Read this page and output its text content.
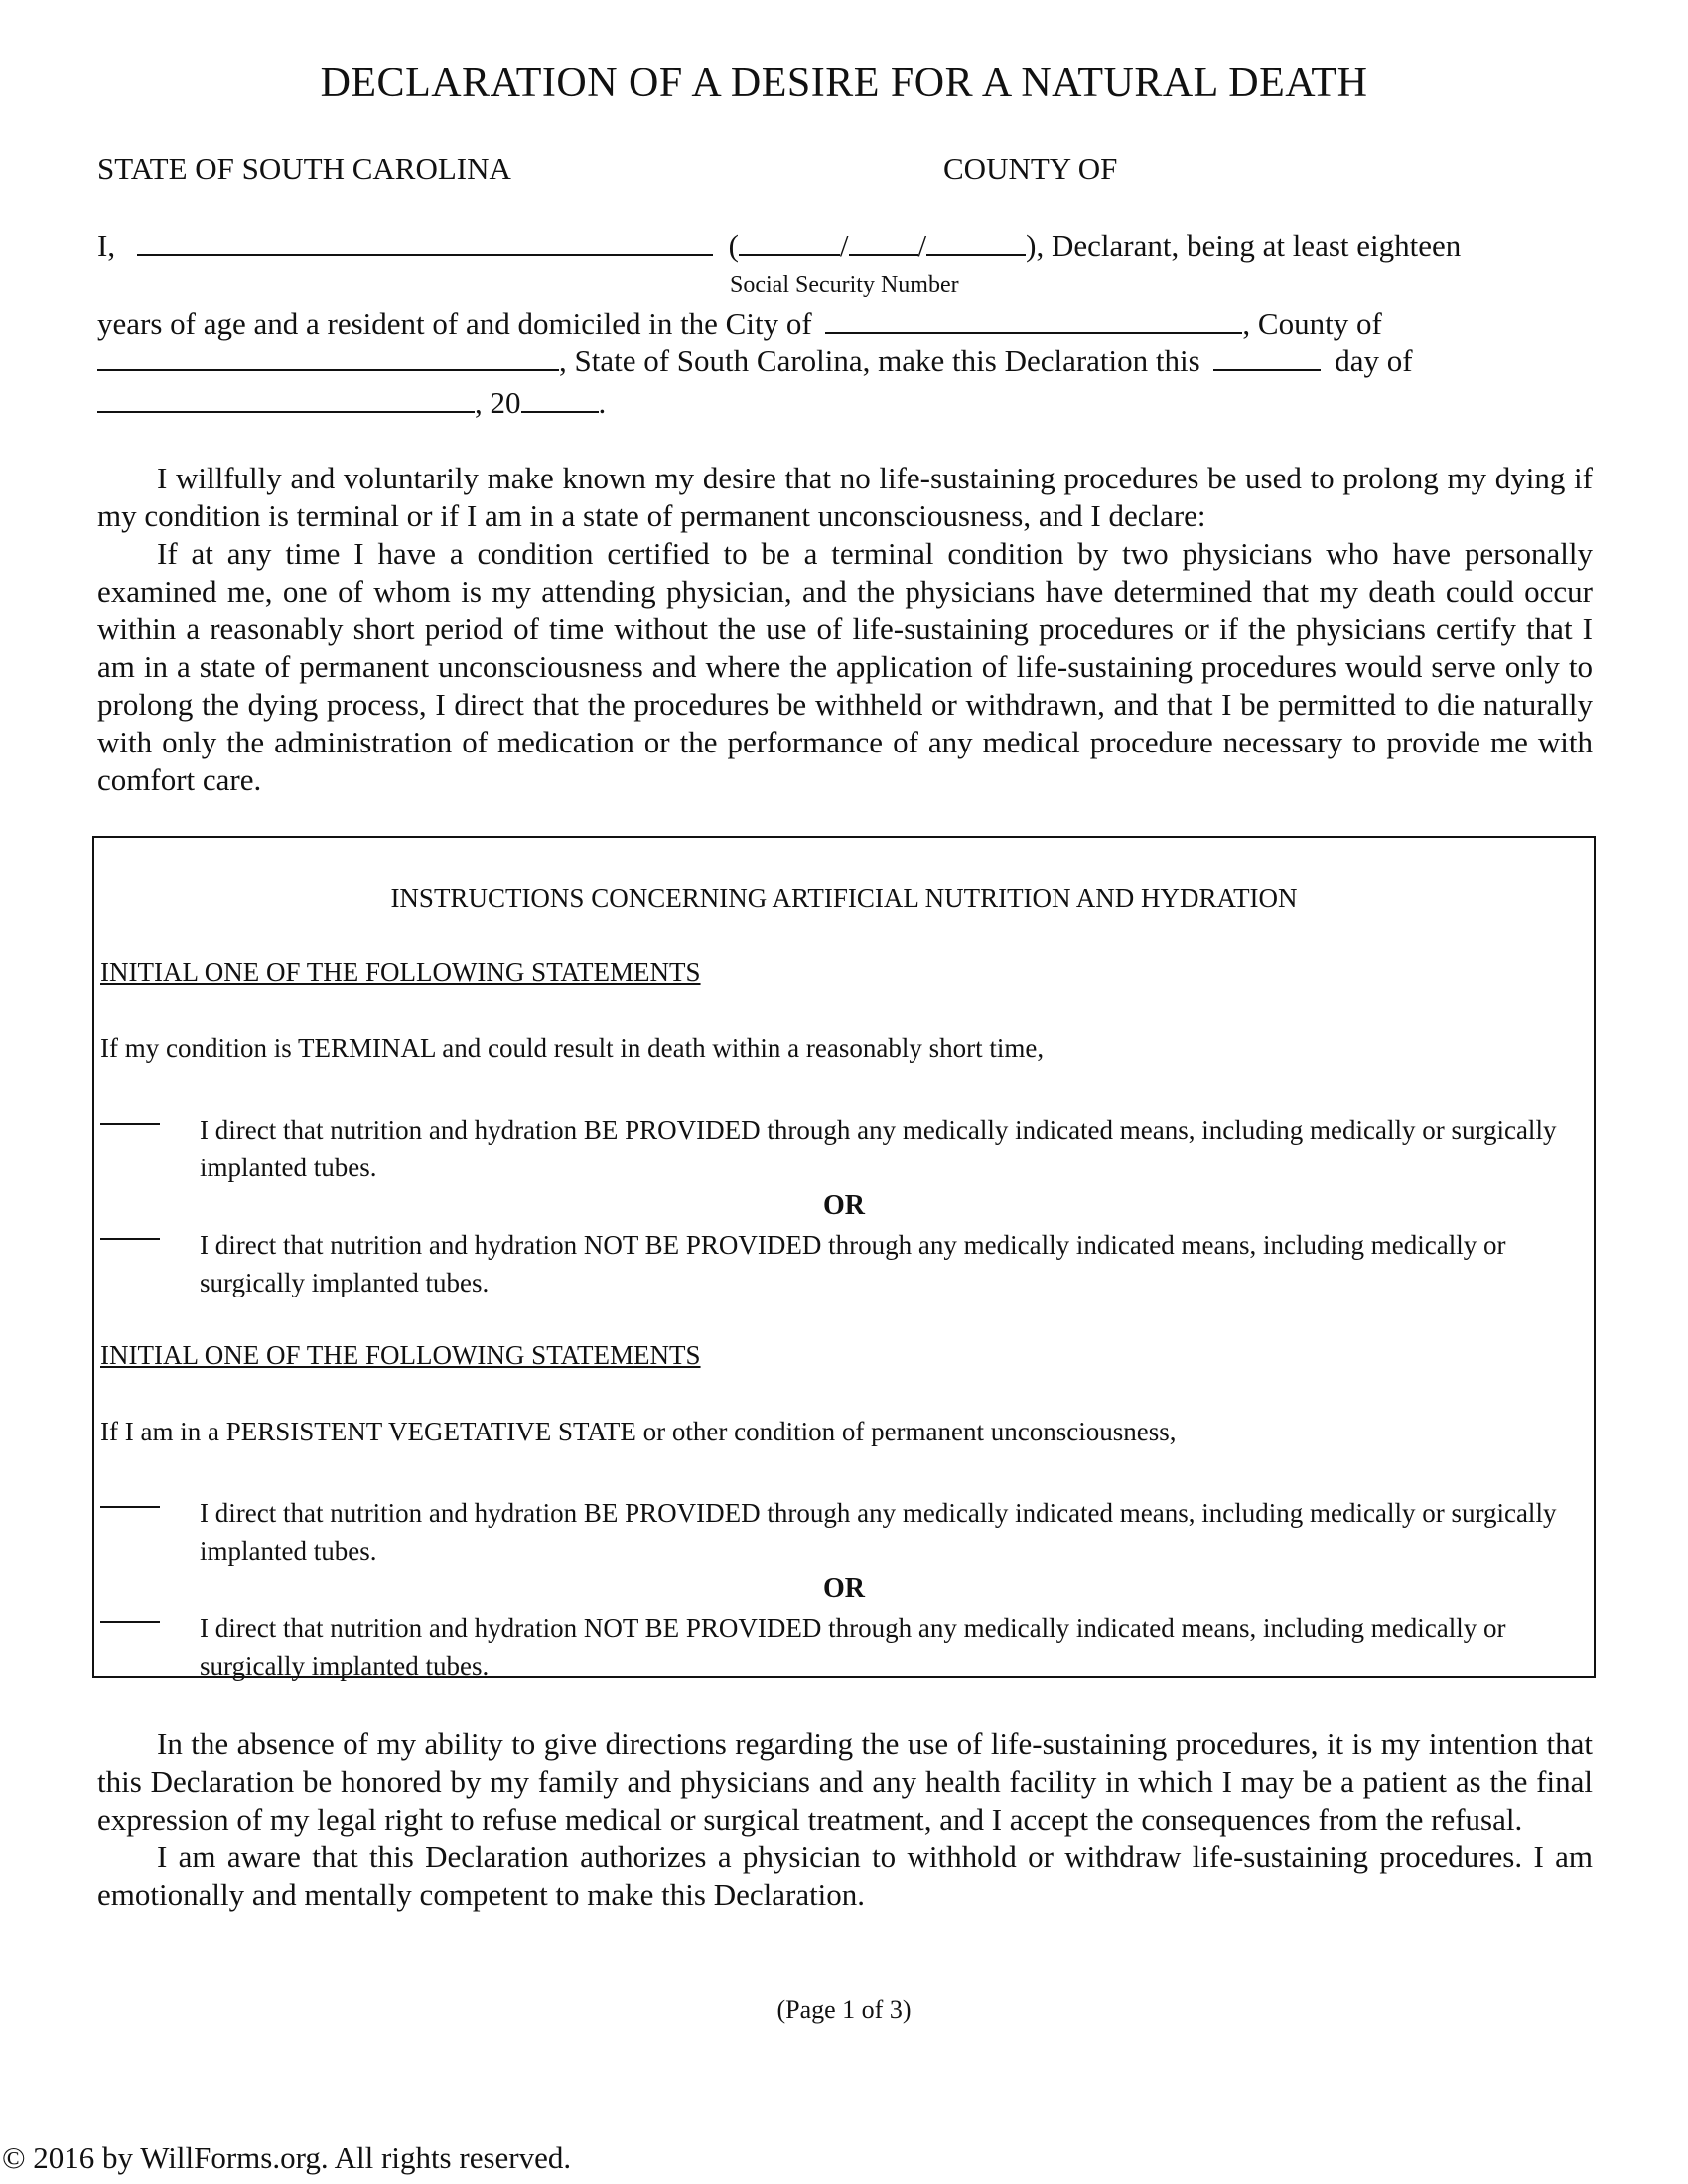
DECLARATION OF A DESIRE FOR A NATURAL DEATH
STATE OF SOUTH CAROLINA	COUNTY OF
I,	(	/ /	), Declarant, being at least eighteen
Social Security Number
years of age and a resident of and domiciled in the City of	, County of
, State of South Carolina, make this Declaration this	day of
, 20	.

I willfully and voluntarily make known my desire that no life-sustaining procedures be used to prolong my dying if my condition is terminal or if I am in a state of permanent unconsciousness, and I declare:

If at any time I have a condition certified to be a terminal condition by two physicians who have personally examined me, one of whom is my attending physician, and the physicians have determined that my death could occur within a reasonably short period of time without the use of life-sustaining procedures or if the physicians certify that I am in a state of permanent unconsciousness and where the application of life-sustaining procedures would serve only to prolong the dying process, I direct that the procedures be withheld or withdrawn, and that I be permitted to die naturally with only the administration of medication or the performance of any medical procedure necessary to provide me with comfort care.

INSTRUCTIONS CONCERNING ARTIFICIAL NUTRITION AND HYDRATION
INITIAL ONE OF THE FOLLOWING STATEMENTS
If my condition is TERMINAL and could result in death within a reasonably short time,
I direct that nutrition and hydration BE PROVIDED through any medically indicated means, including medically or surgically implanted tubes.
OR
I direct that nutrition and hydration NOT BE PROVIDED through any medically indicated means, including medically or surgically implanted tubes.
INITIAL ONE OF THE FOLLOWING STATEMENTS
If I am in a PERSISTENT VEGETATIVE STATE or other condition of permanent unconsciousness,
I direct that nutrition and hydration BE PROVIDED through any medically indicated means, including medically or surgically implanted tubes.
OR
I direct that nutrition and hydration NOT BE PROVIDED through any medically indicated means, including medically or surgically implanted tubes.

In the absence of my ability to give directions regarding the use of life-sustaining procedures, it is my intention that this Declaration be honored by my family and physicians and any health facility in which I may be a patient as the final expression of my legal right to refuse medical or surgical treatment, and I accept the consequences from the refusal.

I am aware that this Declaration authorizes a physician to withhold or withdraw life-sustaining procedures. I am emotionally and mentally competent to make this Declaration.

(Page 1 of 3)
© 2016 by WillForms.org. All rights reserved.
